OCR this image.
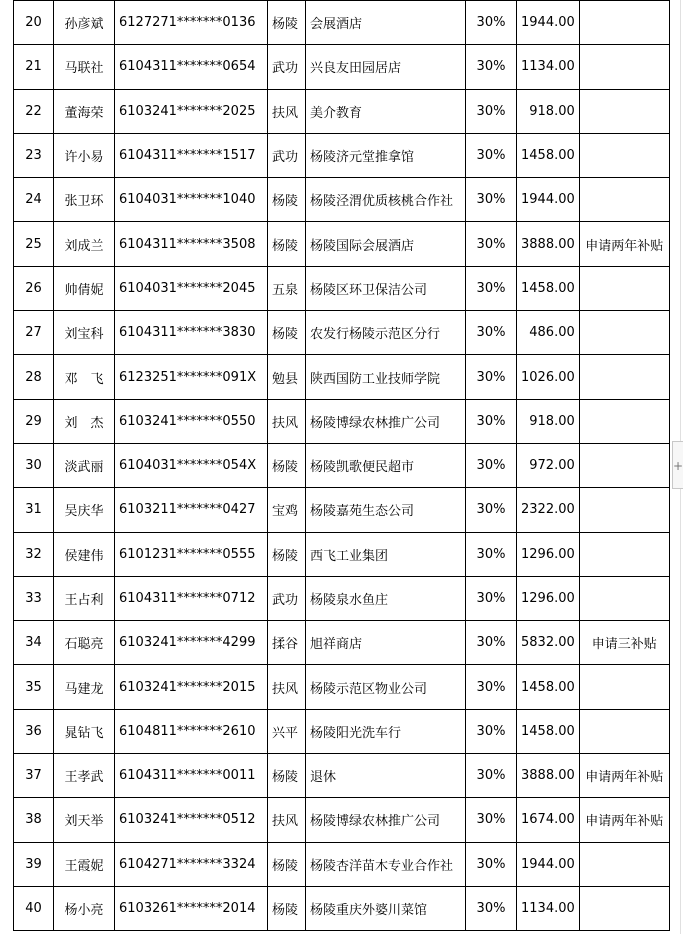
20	孙彦斌	6127271*******0136	杨陵	会展酒店	30%	1944.00	
21	马联社	6104311*******0654	武功	兴良友田园居店	30%	1134.00	
22	董海荣	6103241*******2025	扶风	美介教育	30%	918.00	
23	许小易	6104311*******1517	武功	杨陵济元堂推拿馆	30%	1458.00	
24	张卫环	6104031*******1040	杨陵	杨陵泾渭优质核桃合作社	30%	1944.00	
25	刘成兰	6104311*******3508	杨陵	杨陵国际会展酒店	30%	3888.00	申请两年补贴
26	帅倩妮	6104031*******2045	五泉	杨陵区环卫保洁公司	30%	1458.00	
27	刘宝科	6104311*******3830	杨陵	农发行杨陵示范区分行	30%	486.00	
28	邓　飞	6123251*******091X	勉县	陕西国防工业技师学院	30%	1026.00	
29	刘　杰	6103241*******0550	扶风	杨陵博绿农林推广公司	30%	918.00	
30	淡武丽	6104031*******054X	杨陵	杨陵凯歌便民超市	30%	972.00	
31	吴庆华	6103211*******0427	宝鸡	杨陵嘉苑生态公司	30%	2322.00	
32	侯建伟	6101231*******0555	杨陵	西飞工业集团	30%	1296.00	
33	王占利	6104311*******0712	武功	杨陵泉水鱼庄	30%	1296.00	
34	石聪亮	6103241*******4299	揉谷	旭祥商店	30%	5832.00	申请三补贴
35	马建龙	6103241*******2015	扶风	杨陵示范区物业公司	30%	1458.00	
36	晁钻飞	6104811*******2610	兴平	杨陵阳光洗车行	30%	1458.00	
37	王孝武	6104311*******0011	杨陵	退休	30%	3888.00	申请两年补贴
38	刘天举	6103241*******0512	扶风	杨陵博绿农林推广公司	30%	1674.00	申请两年补贴
39	王霞妮	6104271*******3324	杨陵	杨陵杏洋苗木专业合作社	30%	1944.00	
40	杨小亮	6103261*******2014	杨陵	杨陵重庆外婆川菜馆	30%	1134.00	
+
